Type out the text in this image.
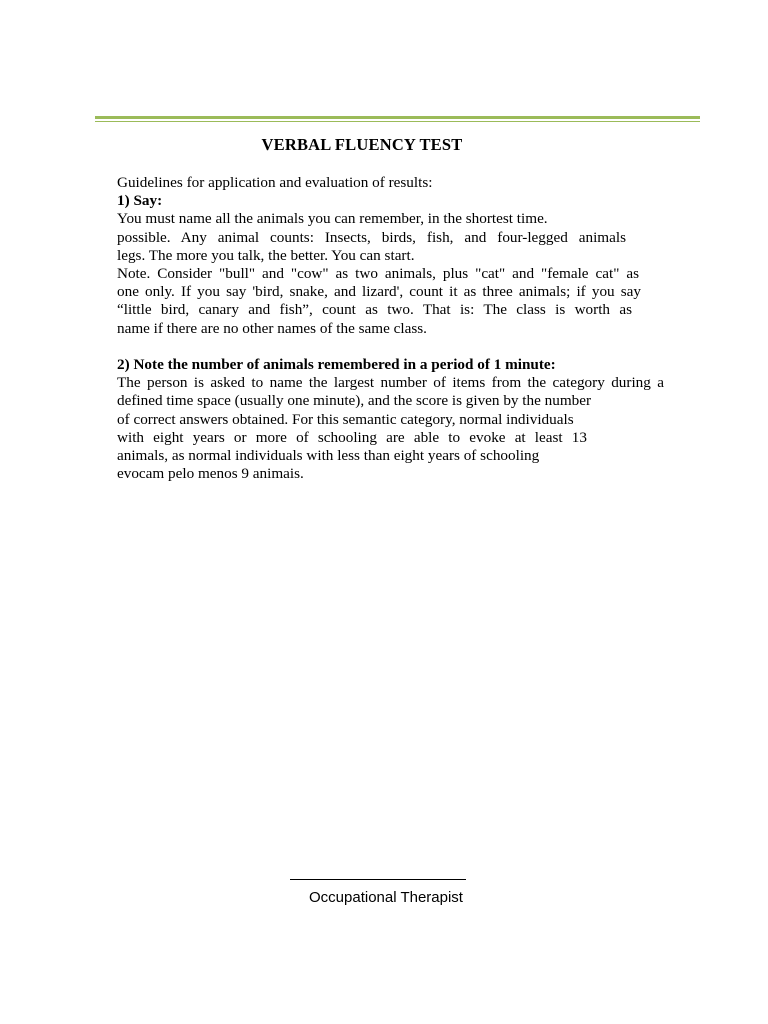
VERBAL FLUENCY TEST
Guidelines for application and evaluation of results:
1) Say:
You must name all the animals you can remember, in the shortest time.
possible. Any animal counts: Insects, birds, fish, and four-legged animals
legs. The more you talk, the better. You can start.
Note. Consider "bull" and "cow" as two animals, plus "cat" and "female cat" as
one only. If you say 'bird, snake, and lizard', count it as three animals; if you say
“little bird, canary and fish”, count as two. That is: The class is worth as
name if there are no other names of the same class.
2) Note the number of animals remembered in a period of 1 minute:
The person is asked to name the largest number of items from the category during a
defined time space (usually one minute), and the score is given by the number
of correct answers obtained. For this semantic category, normal individuals
with eight years or more of schooling are able to evoke at least 13
animals, as normal individuals with less than eight years of schooling
evocam pelo menos 9 animais.
Occupational Therapist
